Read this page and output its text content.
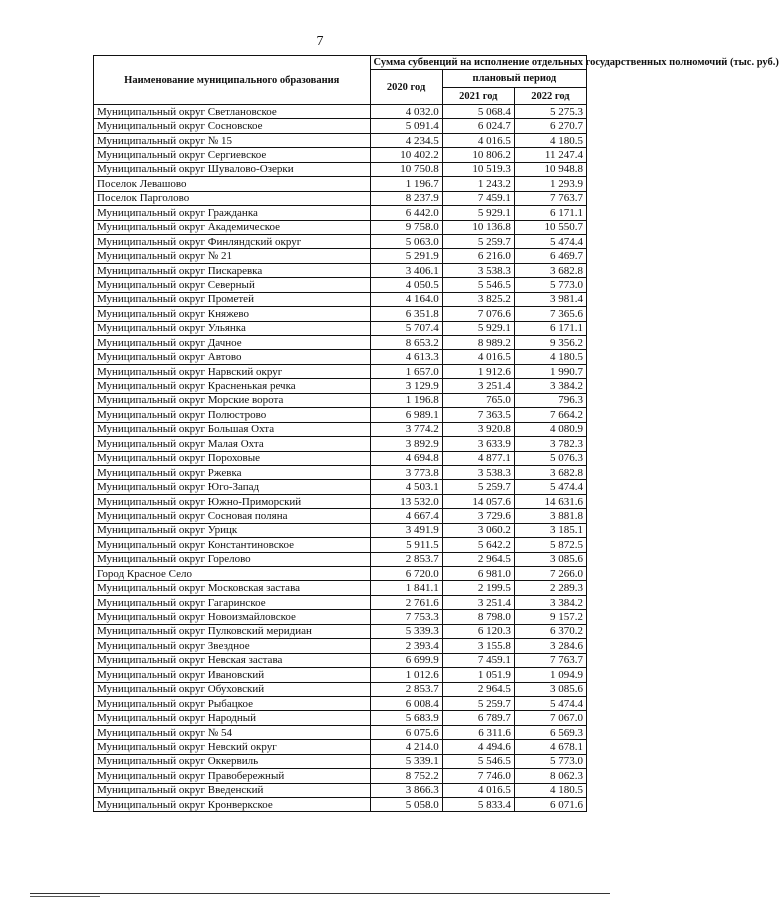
7
Наименование муниципального образования	Сумма субвенций на исполнение отдельных государственных полномочий (тыс. руб.)		
	2020 год	плановый период	
		2021 год	2022 год
Муниципальный округ Светлановское	4 032.0	5 068.4	5 275.3
Муниципальный округ Сосновское	5 091.4	6 024.7	6 270.7
Муниципальный округ № 15	4 234.5	4 016.5	4 180.5
Муниципальный округ Сергиевское	10 402.2	10 806.2	11 247.4
Муниципальный округ Шувалово-Озерки	10 750.8	10 519.3	10 948.8
Поселок Левашово	1 196.7	1 243.2	1 293.9
Поселок Парголово	8 237.9	7 459.1	7 763.7
Муниципальный округ Гражданка	6 442.0	5 929.1	6 171.1
Муниципальный округ Академическое	9 758.0	10 136.8	10 550.7
Муниципальный округ Финляндский округ	5 063.0	5 259.7	5 474.4
Муниципальный округ № 21	5 291.9	6 216.0	6 469.7
Муниципальный округ Пискаревка	3 406.1	3 538.3	3 682.8
Муниципальный округ Северный	4 050.5	5 546.5	5 773.0
Муниципальный округ Прометей	4 164.0	3 825.2	3 981.4
Муниципальный округ Княжево	6 351.8	7 076.6	7 365.6
Муниципальный округ Ульянка	5 707.4	5 929.1	6 171.1
Муниципальный округ Дачное	8 653.2	8 989.2	9 356.2
Муниципальный округ Автово	4 613.3	4 016.5	4 180.5
Муниципальный округ Нарвский округ	1 657.0	1 912.6	1 990.7
Муниципальный округ Красненькая речка	3 129.9	3 251.4	3 384.2
Муниципальный округ Морские ворота	1 196.8	765.0	796.3
Муниципальный округ Полюстрово	6 989.1	7 363.5	7 664.2
Муниципальный округ Большая Охта	3 774.2	3 920.8	4 080.9
Муниципальный округ Малая Охта	3 892.9	3 633.9	3 782.3
Муниципальный округ Пороховые	4 694.8	4 877.1	5 076.3
Муниципальный округ Ржевка	3 773.8	3 538.3	3 682.8
Муниципальный округ Юго-Запад	4 503.1	5 259.7	5 474.4
Муниципальный округ Южно-Приморский	13 532.0	14 057.6	14 631.6
Муниципальный округ Сосновая поляна	4 667.4	3 729.6	3 881.8
Муниципальный округ Урицк	3 491.9	3 060.2	3 185.1
Муниципальный округ Константиновское	5 911.5	5 642.2	5 872.5
Муниципальный округ Горелово	2 853.7	2 964.5	3 085.6
Город Красное Село	6 720.0	6 981.0	7 266.0
Муниципальный округ Московская застава	1 841.1	2 199.5	2 289.3
Муниципальный округ Гагаринское	2 761.6	3 251.4	3 384.2
Муниципальный округ Новоизмайловское	7 753.3	8 798.0	9 157.2
Муниципальный округ Пулковский меридиан	5 339.3	6 120.3	6 370.2
Муниципальный округ Звездное	2 393.4	3 155.8	3 284.6
Муниципальный округ Невская застава	6 699.9	7 459.1	7 763.7
Муниципальный округ Ивановский	1 012.6	1 051.9	1 094.9
Муниципальный округ Обуховский	2 853.7	2 964.5	3 085.6
Муниципальный округ Рыбацкое	6 008.4	5 259.7	5 474.4
Муниципальный округ Народный	5 683.9	6 789.7	7 067.0
Муниципальный округ № 54	6 075.6	6 311.6	6 569.3
Муниципальный округ Невский округ	4 214.0	4 494.6	4 678.1
Муниципальный округ Оккервиль	5 339.1	5 546.5	5 773.0
Муниципальный округ Правобережный	8 752.2	7 746.0	8 062.3
Муниципальный округ Введенский	3 866.3	4 016.5	4 180.5
Муниципальный округ Кронверкское	5 058.0	5 833.4	6 071.6
